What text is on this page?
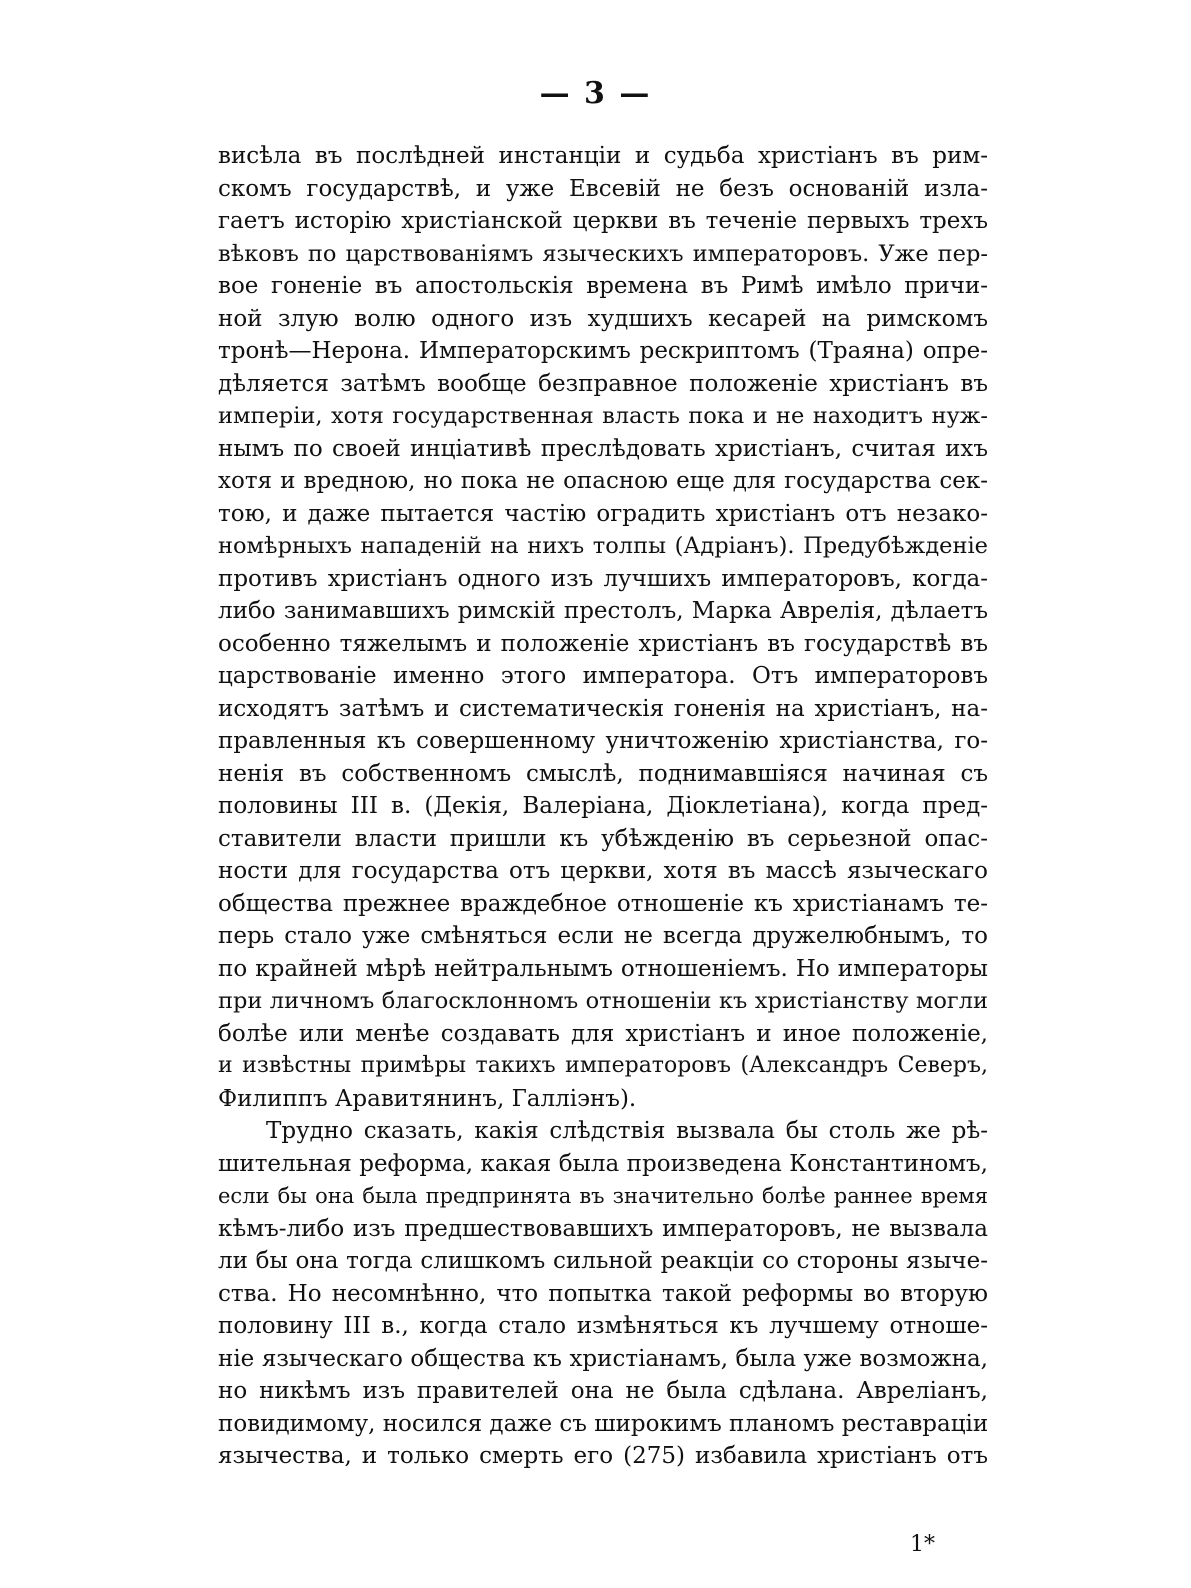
— 3 —
висѣла въ послѣдней инстанціи и судьба христіанъ въ рим-
скомъ государствѣ, и уже Евсевій не безъ основаній изла-
гаетъ исторію христіанской церкви въ теченіе первыхъ трехъ
вѣковъ по царствованіямъ языческихъ императоровъ. Уже пер-
вое гоненіе въ апостольскія времена въ Римѣ имѣло причи-
ной злую волю одного изъ худшихъ кесарей на римскомъ
тронѣ—Нерона. Императорскимъ рескриптомъ (Траяна) опре-
дѣляется затѣмъ вообще безправное положеніе христіанъ въ
имперіи, хотя государственная власть пока и не находитъ нуж-
нымъ по своей инціативѣ преслѣдовать христіанъ, считая ихъ
хотя и вредною, но пока не опасною еще для государства сек-
тою, и даже пытается частію оградить христіанъ отъ незако-
номѣрныхъ нападеній на нихъ толпы (Адріанъ). Предубѣжденіе
противъ христіанъ одного изъ лучшихъ императоровъ, когда-
либо занимавшихъ римскій престолъ, Марка Аврелія, дѣлаетъ
особенно тяжелымъ и положеніе христіанъ въ государствѣ въ
царствованіе именно этого императора. Отъ императоровъ
исходятъ затѣмъ и систематическія гоненія на христіанъ, на-
правленныя къ совершенному уничтоженію христіанства, го-
ненія въ собственномъ смыслѣ, поднимавшіяся начиная съ
половины III в. (Декія, Валеріана, Діоклетіана), когда пред-
ставители власти пришли къ убѣжденію въ серьезной опас-
ности для государства отъ церкви, хотя въ массѣ языческаго
общества прежнее враждебное отношеніе къ христіанамъ те-
перь стало уже смѣняться если не всегда дружелюбнымъ, то
по крайней мѣрѣ нейтральнымъ отношеніемъ. Но императоры
при личномъ благосклонномъ отношеніи къ христіанству могли
болѣе или менѣе создавать для христіанъ и иное положеніе,
и извѣстны примѣры такихъ императоровъ (Александръ Северъ,
Филиппъ Аравитянинъ, Галліэнъ).
Трудно сказать, какія слѣдствія вызвала бы столь же рѣ-
шительная реформа, какая была произведена Константиномъ,
если бы она была предпринята въ значительно болѣе раннее время
кѣмъ-либо изъ предшествовавшихъ императоровъ, не вызвала
ли бы она тогда слишкомъ сильной реакціи со стороны языче-
ства. Но несомнѣнно, что попытка такой реформы во вторую
половину III в., когда стало измѣняться къ лучшему отноше-
ніе языческаго общества къ христіанамъ, была уже возможна,
но никѣмъ изъ правителей она не была сдѣлана. Авреліанъ,
повидимому, носился даже съ широкимъ планомъ реставраціи
язычества, и только смерть его (275) избавила христіанъ отъ
1*
